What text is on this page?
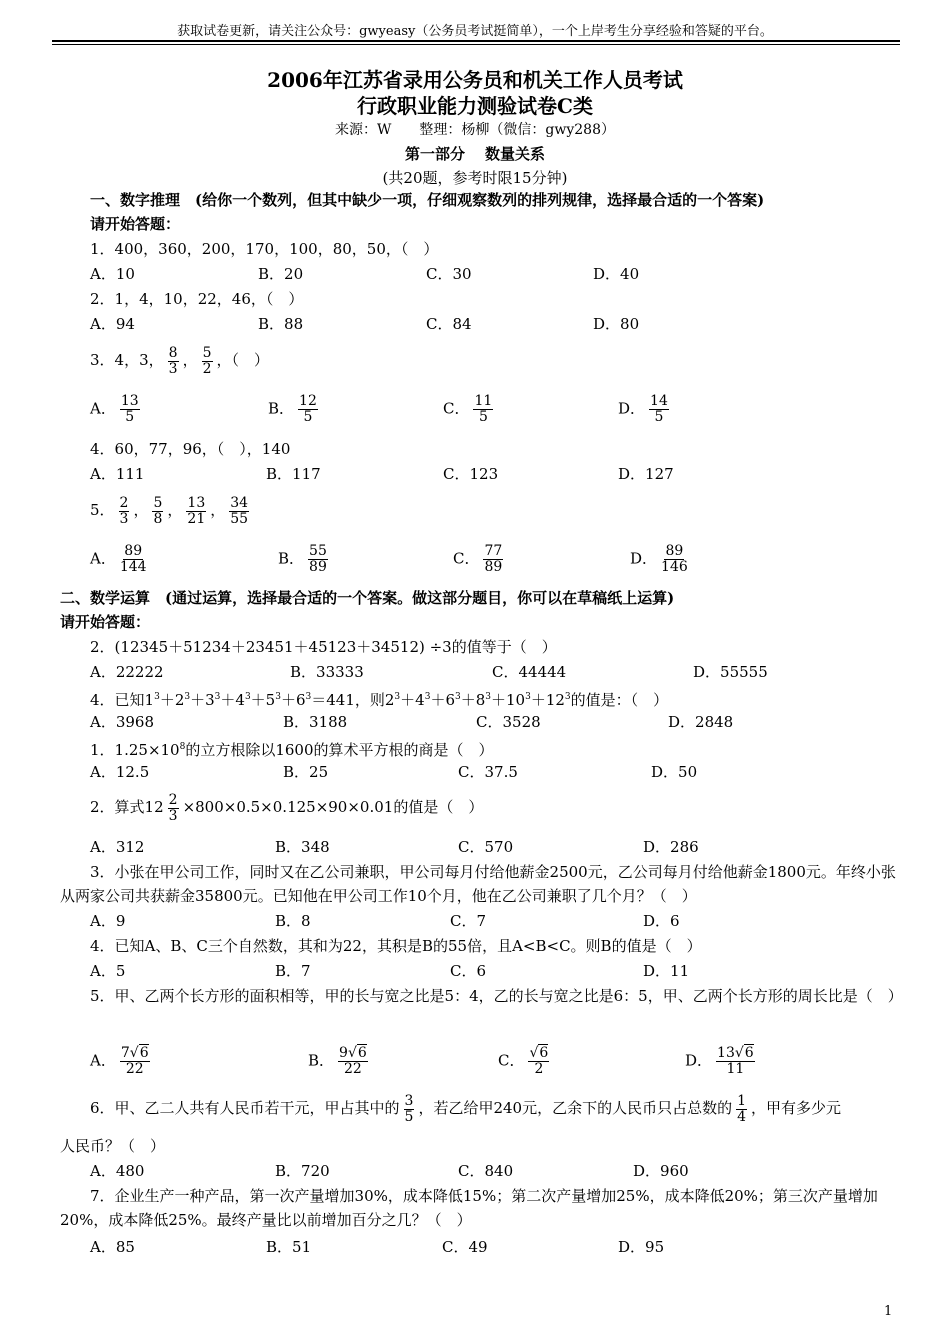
获取试卷更新，请关注公众号：gwyeasy（公务员考试挺简单），一个上岸考生分享经验和答疑的平台。
2006年江苏省录用公务员和机关工作人员考试
行政职业能力测验试卷C类
来源：W　　整理：杨柳（微信：gwy288）
第一部分 数量关系
(共20题，参考时限15分钟)
一、数字推理　(给你一个数列，但其中缺少一项，仔细观察数列的排列规律，选择最合适的一个答案)
请开始答题：
1．400，360，200，170，100，80，50，（　）
A．10	B．20	C．30	D．40
2．1，4，10，22，46，（　）
A．94	B．88	C．84	D．80
3．4，3， $\frac{8}{3}$ ， $\frac{5}{2}$ ，（　）
A． $\frac{13}{5}$	B． $\frac{12}{5}$	C． $\frac{11}{5}$	D． $\frac{14}{5}$
4．60，77，96，（　），140
A．111	B．117	C．123	D．127
5． $\frac{2}{3}$ ， $\frac{5}{8}$ ， $\frac{13}{21}$ ， $\frac{34}{55}$
A． $\frac{89}{144}$	B． $\frac{55}{89}$	C． $\frac{77}{89}$	D． $\frac{89}{146}$
二、数学运算　(通过运算，选择最合适的一个答案。做这部分题目，你可以在草稿纸上运算)
请开始答题：
2．(12345＋51234＋23451＋45123＋34512) ÷3的值等于（　）
A．22222	B．33333	C．44444	D．55555
4．已知$1^3+2^3+3^3+4^3+5^3+6^3=441$，则$2^3+4^3+6^3+8^3+10^3+12^3$的值是：（　）
A．3968	B．3188	C．3528	D．2848
1．$1.25\times 10^8$的立方根除以1600的算术平方根的商是（　）
A．12.5	B．25	C．37.5	D．50
2．算式$12 \frac{2}{3} \times 800\times 0.5\times 0.125\times 90\times 0.01$的值是（　）
A．312	B．348	C．570	D．286
3．小张在甲公司工作，同时又在乙公司兼职，甲公司每月付给他薪金2500元，乙公司每月付给他薪金1800元。年终小张从两家公司共获薪金35800元。已知他在甲公司工作10个月，他在乙公司兼职了几个月？（　）
A．9	B．8	C．7	D．6
4．已知A、B、C三个自然数，其和为22，其积是B的55倍，且A<B<C。则B的值是（　）
A．5	B．7	C．6	D．11
5．甲、乙两个长方形的面积相等，甲的长与宽之比是5：4，乙的长与宽之比是6：5，甲、乙两个长方形的周长比是（　）
A． $\frac{7√6}{22}$	B． $\frac{9√6}{22}$	C． $\frac{√6}{2}$	D． $\frac{13√6}{11}$
6．甲、乙二人共有人民币若干元，甲占其中的 $\frac{3}{5}$ ，若乙给甲240元，乙余下的人民币只占总数的 $\frac{1}{4}$ ，甲有多少元
人民币？（　）
A．480	B．720	C．840	D．960
7．企业生产一种产品，第一次产量增加30%，成本降低15%；第二次产量增加25%，成本降低20%；第三次产量增加20%，成本降低25%。最终产量比以前增加百分之几？（　）
A．85	B．51	C．49	D．95
1
